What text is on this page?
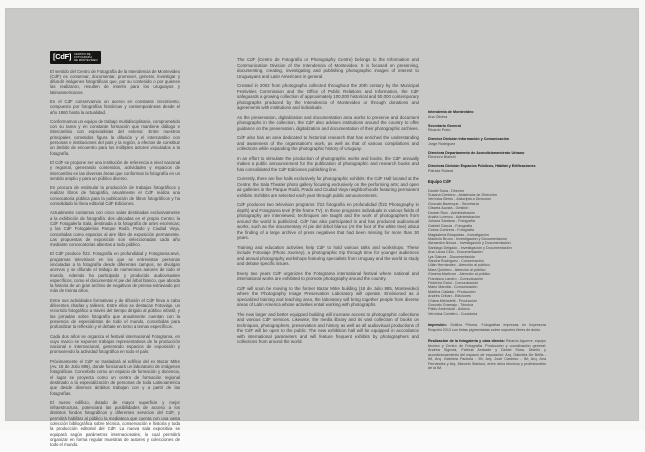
[CdF] CENTRO DE
FOTOGRAFÍA
DE MONTEVIDEO
El sentido del Centro de Fotografía de la Intendencia de Montevideo (CdF) es conservar, documentar, promover, generar, investigar y difundir imágenes fotográficas que, por su contenido o por quienes las realizaron, resulten de interés para los uruguayos y latinoamericanos.
En el CdF conservamos un acervo en constante crecimiento, compuesto por fotografías históricas y contemporáneas desde el año 1860 hasta la actualidad.
Conformamos un equipo de trabajo multidisciplinario, comprometido con su tarea y en constante formación que mantiene diálogo e intercambio con especialistas del exterior. Entre nuestros principales cometidos figura la difusión y el intercambio con personas e instituciones del país y la región, a efectos de constituir un ámbito de encuentro para los múltiples actores vinculados a la fotografía.
El CdF se propone ser una institución de referencia a nivel nacional y regional, generando contenidos, actividades y espacios de intercambio en las diversas áreas que conforman la fotografía en un sentido amplio y para un público diverso.
En procura de estimular la producción de trabajos fotográficos y realizar libros de fotografía, anualmente el CdF realiza una convocatoria pública para la publicación de libros fotográficos y ha consolidado la línea editorial CdF Ediciones.
Actualmente contamos con cinco salas destinadas exclusivamente a la exhibición de fotografía: dos ubicadas en el propio Centro; la CdF Fotogalería Sala, destinada a la fotografía de artes escénicas; y las CdF Fotogalerías Parque Rodó, Prado y Ciudad Vieja, concebidas como espacios al aire libre de exposición permanente. Las propuestas de exposición son seleccionadas cada año mediante convocatorias abiertas a todo público.
El CdF produce f/22. Fotografía en profundidad y Fotograma.tevé, programas televisivos en los que se entrevistan personas vinculadas a la fotografía desde diferentes campos, se divulgan acervos y se difunde el trabajo de numerosos autores de todo el mundo. Además ha participado y producido audiovisuales específicos, como el documental Al pie del árbol blanco, que aborda la historia de un gran archivo de negativos de prensa extraviado por más de treinta años.
Entre sus actividades formativas y de difusión el CdF lleva a cabo diferentes charlas y talleres. Entre ellos se destacan Fotoviaje, un recorrido fotográfico a través del tiempo dirigido al público infantil, y las jornadas sobre fotografía que anualmente cuentan con la presencia de especialistas de todo el mundo, concebidas para profundizar la reflexión y el debate en torno a temas específicos.
Cada dos años se organiza el festival internacional Fotograma, en cuyo marco se exponen trabajos representativos de la producción nacional e internacional, generando espacios de exposición y promoviendo la actividad fotográfica en todo el país.
Próximamente el CdF se trasladará al edificio del ex Bazar Mitre (Av. 18 de Julio 885), donde funcionará un laboratorio de imágenes fotográficas. Concebido como un espacio de formación y docencia, el lugar se proyecta como un centro de formación regional destinado a la especialización de personas de toda Latinoamérica que desde diversos ámbitos trabajan con y a partir de las fotografías.
El nuevo edificio, dotado de mayor superficie y mejor infraestructura, potenciará las posibilidades de acceso a los distintos fondos fotográficos y diferentes servicios del CdF, y permitirá habilitar al público la mediateca que cuenta con una vasta colección bibliográfica sobre técnica, conservación e historia y toda la producción editorial del CdF. La nueva sala expositiva se equipará según parámetros internacionales, lo cual permitirá organizar en forma regular muestras de autores y colecciones de todo el mundo.
The CdF (Centro de Fotografía or Photography Centre) belongs to the Information and Communication Division of the Intendencia of Montevideo. It is focused on preserving, documenting, creating, investigating and publishing photographic images of interest to Uruguayans and Latin Americans in general.
Created in 2002 from photographs collected throughout the 20th century by the Municipal Festivities Commission and the Office of Public Relations and Information, the CdF safeguards a growing collection of approximately 100,000 historical and 50,000 contemporary photographs produced by the Intendencia of Montevideo or through donations and agreements with institutions and individuals.
As the preservation, digitalization and documentation area works to preserve and document photographs in the collection, the CdF also advises institutions around the country to offer guidance on the preservation, digitalization and documentation of their photographic archives.
CdF also has an area dedicated to historical research that has enriched the understanding and awareness of the organisation's work, as well as that of various compilations and collections while expanding the photographic history of Uruguay.
In an effort to stimulate the production of photographic works and books, the CdF annually makes a public announcement for the publication of photographic and research books and has consolidated the CdF Ediciones publishing line.
Currently, there are five halls exclusively for photographic exhibits: the CdF Hall located at the Centre; the Sala Theater photo gallery focusing exclusively on the performing arts; and open air galleries in the Parque Rodó, Prado and Ciudad Vieja neighborhoods featuring permanent exhibits. Exhibits are selected each year through public announcements.
CdF produces two television programs: f/22 fotografía en profundidad (f/22 Photography in depth) and Fotograma tevé (Film-frame TV). In these programs individuals in various fields of photography are interviewed, techniques are taught and the work of photographers from around the world is publicized. CdF has also participated in and has produced audiovisual works, such as the documentary Al pie del árbol blanco (At the foot of the white tree) about the finding of a large archive of press negatives that had been missing for more than 30 years.
Training and education activities help CdF to hold various talks and workshops. These include Fotoviaje (Photo Journey), a photographic trip through time for younger audiences and annual photography workshops featuring specialists from Uruguay and the world to study and debate specific issues.
Every two years CdF organizes the Fotograma international festival where national and international works are exhibited to promote photography around the country.
CdF will soon be moving to the former Bazar Mitre building (18 de Julio 885, Montevideo) where the Photography Image Preservation Laboratory will operate. Envisioned as a specialized training and teaching area, the laboratory will bring together people from diverse areas of Latin America whose activities entail working with photographs.
The new larger and better equipped building will increase access to photographic collections and various CdF services. Likewise, the media library and its vast collection of books on techniques, photographers, preservation and history as well as all audiovisual productions of the CdF will be open to the public. The new exhibition hall will be equipped in accordance with international parameters and will feature frequent exhibits by photographers and collections from around the world.
Intendenta de Montevideo
Ana Olivera
Secretario General
Ricardo Prato
Director División Información y Comunicación
Jorge Rodríguez
Directora Departamento de Acondicionamiento Urbano
Eleonora Bianchi
Directora División Espacios Públicos, Hábitat y Edificaciones
Patricia Roland
Equipo CdF
Daniel Sosa - Director
Susana Centeno - Asistencia de Dirección
Verónica Berrio - Adscripta a Dirección
Gonzalo Bazerque - Secretaría
Gissela Acosta - Gestión
Darwin Ruiz - Administración
Analía Lorenzo - Administración
Johana Santana - Fotografía
Gabriel García - Fotografía
Carlos Contrera - Fotografía
Magdalena Broquetas - Investigación
Mauricio Bruno - Investigación y Documentación
Alexandra Nóvoa - Investigación y Documentación
Santiago Delgado - Investigación y Documentación
Ana Laura Cirio - Documentación
Lys Gainza - Documentación
Sandra Rodríguez - Conservación
Lilián Hernández - Atención al público
Mara Quintero - Atención al público
Gimena Martínez - Atención al público
Francisco Landro - Comunicación
Federico Estol - Comunicación
Mario Marotta - Comunicación
Martina Callaba - Producción
Andrés Cribari - Ediciones
Chiara Micheletti - Producción
Gonzalo Gramajo - Técnica
Pablo Améndola - Actoría
Verónica Cordeiro - Curaduría
Impresión: Gráfica Prisma. Fotografías impresas en Impresora Rosprint 2013 con tintas pigmentadas sobre soportes libres de ácido.
Realización de la fotogalería y obra directa: Ricardo Aguerre, equipo técnico y Centro de Fotografía. Producción y coordinación general: Andrea Sígnola, Patricia Andrade y Daniel Sosa. Diseño y acondicionamiento del espacio de exposición: Arq. Gabriela De Bellis - IM, Arq. Gabriela Fachola - IM, Arq. José Cardeso - IM; Arq. Ana Fernández y Arq. Marcelo Staricco, entre otros técnicos y profesionales de la IM.
